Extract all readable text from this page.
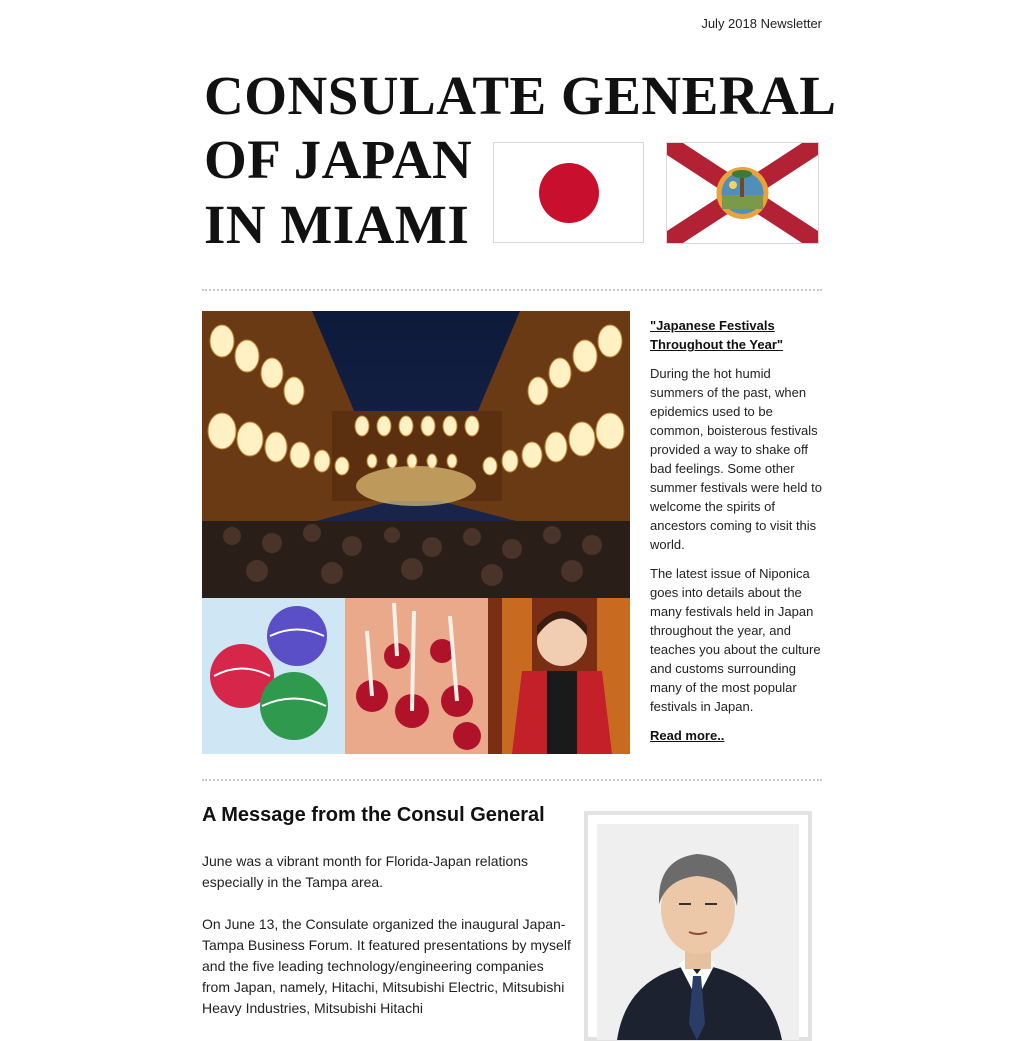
July 2018 Newsletter
CONSULATE GENERAL
OF JAPAN
IN MIAMI
"Japanese Festivals Throughout the Year"

During the hot humid summers of the past, when epidemics used to be common, boisterous festivals provided a way to shake off bad feelings. Some other summer festivals were held to welcome the spirits of ancestors coming to visit this world.

The latest issue of Niponica goes into details about the many festivals held in Japan throughout the year, and teaches you about the culture and customs surrounding many of the most popular festivals in Japan.

Read more..
A Message from the Consul General

June was a vibrant month for Florida-Japan relations especially in the Tampa area.

On June 13, the Consulate organized the inaugural Japan-Tampa Business Forum. It featured presentations by myself and the five leading technology/engineering companies from Japan, namely, Hitachi, Mitsubishi Electric, Mitsubishi Heavy Industries, Mitsubishi Hitachi
